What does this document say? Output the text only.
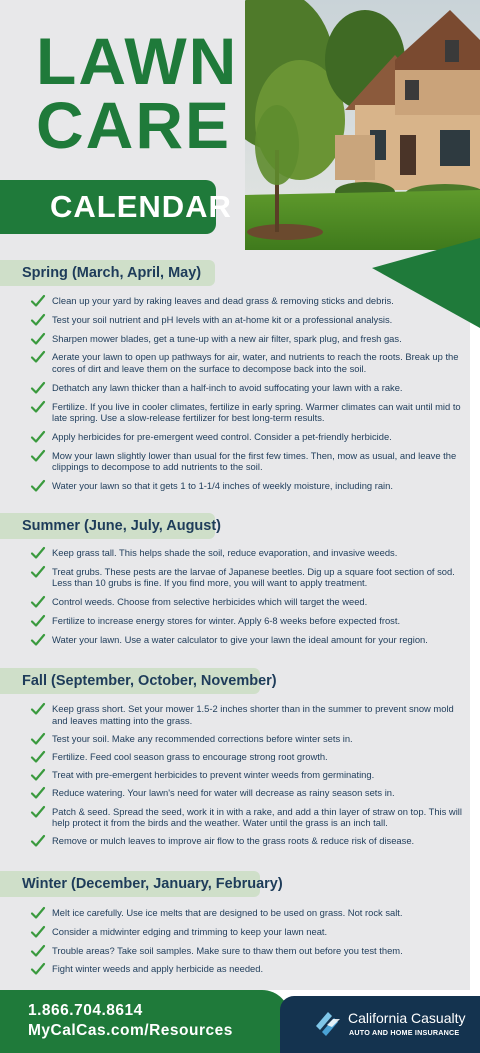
LAWN
CARE
CALENDAR
Spring (March, April, May)
Clean up your yard by raking leaves and dead grass & removing sticks and debris.
Test your soil nutrient and pH levels with an at-home kit or a professional analysis.
Sharpen mower blades, get a tune-up with a new air filter, spark plug, and fresh gas.
Aerate your lawn to open up pathways for air, water, and nutrients to reach the roots. Break up the cores of dirt and leave them on the surface to decompose back into the soil.
Dethatch any lawn thicker than a half-inch to avoid suffocating your lawn with a rake.
Fertilize. If you live in cooler climates, fertilize in early spring. Warmer climates can wait until mid to late spring. Use a slow-release fertilizer for best long-term results.
Apply herbicides for pre-emergent weed control. Consider a pet-friendly herbicide.
Mow your lawn slightly lower than usual for the first few times. Then, mow as usual, and leave the clippings to decompose to add nutrients to the soil.
Water your lawn so that it gets 1 to 1-1/4 inches of weekly moisture, including rain.
Summer (June, July, August)
Keep grass tall. This helps shade the soil, reduce evaporation, and invasive weeds.
Treat grubs. These pests are the larvae of Japanese beetles. Dig up a square foot section of sod. Less than 10 grubs is fine. If you find more, you will want to apply treatment.
Control weeds. Choose from selective herbicides which will target the weed.
Fertilize to increase energy stores for winter. Apply 6-8 weeks before expected frost.
Water your lawn. Use a water calculator to give your lawn the ideal amount for your region.
Fall (September, October, November)
Keep grass short. Set your mower 1.5-2 inches shorter than in the summer to prevent snow mold and leaves matting into the grass.
Test your soil. Make any recommended corrections before winter sets in.
Fertilize. Feed cool season grass to encourage strong root growth.
Treat with pre-emergent herbicides to prevent winter weeds from germinating.
Reduce watering. Your lawn's need for water will decrease as rainy season sets in.
Patch & seed. Spread the seed, work it in with a rake, and add a thin layer of straw on top. This will help protect it from the birds and the weather. Water until the grass is an inch tall.
Remove or mulch leaves to improve air flow to the grass roots & reduce risk of disease.
Winter (December, January, February)
Melt ice carefully. Use ice melts that are designed to be used on grass. Not rock salt.
Consider a midwinter edging and trimming to keep your lawn neat.
Trouble areas? Take soil samples. Make sure to thaw them out before you test them.
Fight winter weeds and apply herbicide as needed.
1.866.704.8614
MyCalCas.com/Resources
California Casualty
AUTO AND HOME INSURANCE
